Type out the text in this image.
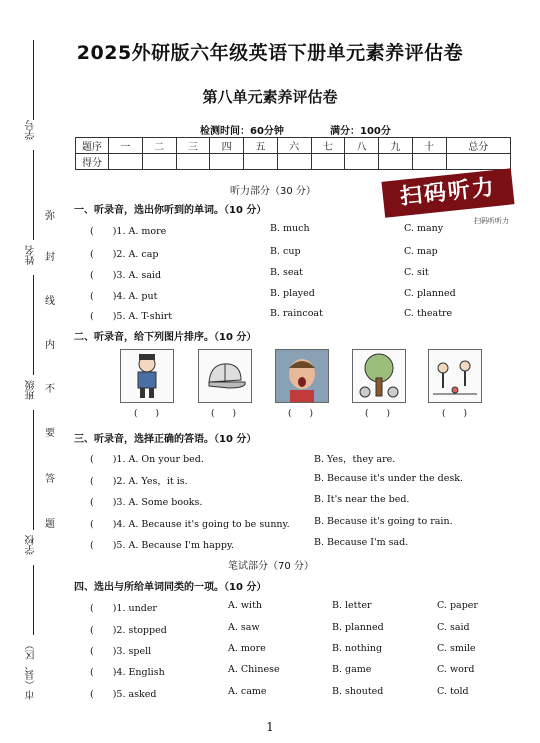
学号
姓名
班级
学校
市（县、区）
弥
封
线
内
不
要
答
题
2025外研版六年级英语下册单元素养评估卷
第八单元素养评估卷
检测时间：60分钟	满分：100分
题序	一	二	三	四	五	六	七	八	九	十	总分
得分											
扫码听力
扫码听听力
听力部分（30 分）
一、听录音，选出你听到的单词。（10 分）
(　　)1. A. more	B. much	C. many
(　　)2. A. cap	B. cup	C. map
(　　)3. A. said	B. seat	C. sit
(　　)4. A. put	B. played	C. planned
(　　)5. A. T-shirt	B. raincoat	C. theatre
二、听录音，给下列图片排序。（10 分）
(　　)	(　　)	(　　)	(　　)	(　　)
三、听录音，选择正确的答语。（10 分）
(　　)1. A. On your bed.	B. Yes，they are.
(　　)2. A. Yes，it is.	B. Because it's under the desk.
(　　)3. A. Some books.	B. It's near the bed.
(　　)4. A. Because it's going to be sunny.	B. Because it's going to rain.
(　　)5. A. Because I'm happy.	B. Because I'm sad.
笔试部分（70 分）
四、选出与所给单词同类的一项。（10 分）
(　　)1. under	A. with	B. letter	C. paper
(　　)2. stopped	A. saw	B. planned	C. said
(　　)3. spell	A. more	B. nothing	C. smile
(　　)4. English	A. Chinese	B. game	C. word
(　　)5. asked	A. came	B. shouted	C. told
1
